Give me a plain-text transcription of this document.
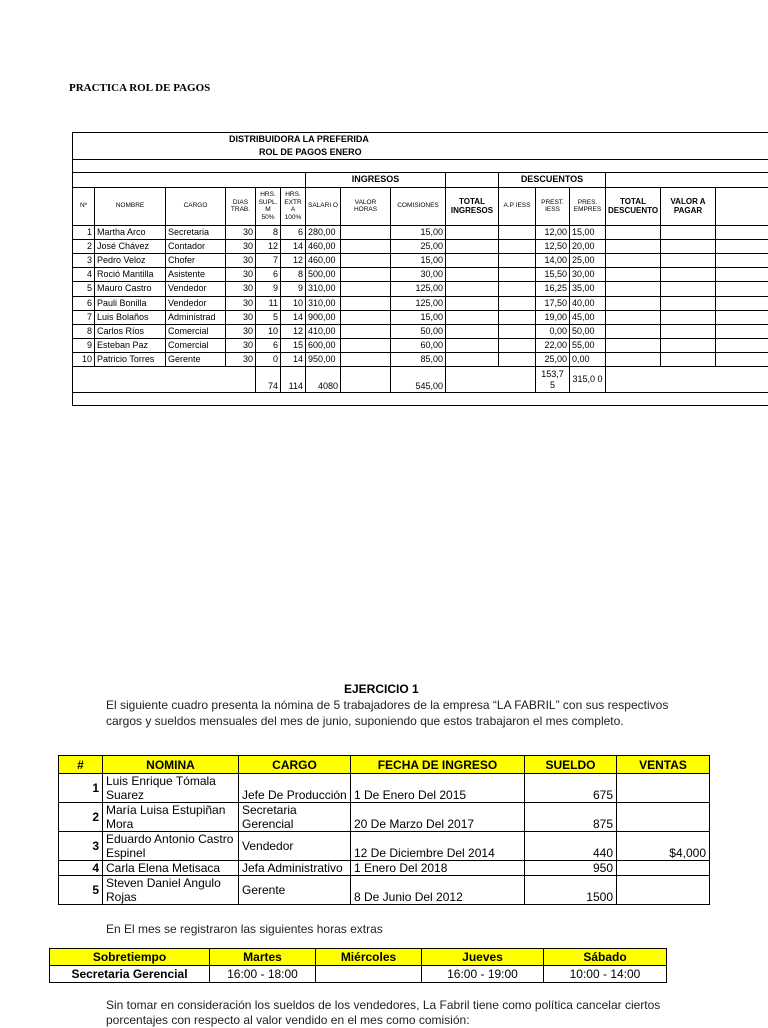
PRACTICA ROL DE PAGOS
DISTRIBUIDORA LA PREFERIDA															
ROL DE PAGOS ENERO															

						INGRESOS				DESCUENTOS					
Nº	NOMBRE	CARGO	DIAS TRAB.	HRS. SUPL. M 50%	HRS. EXTR A 100%	SALARI O	VALOR HORAS	COMISIONES	TOTAL INGRESOS	A.P IESS	PREST. IESS	PRES. EMPRES	TOTAL DESCUENTO	VALOR A PAGAR	
1	Martha Arco	Secretaria	30	8	6	280,00		15,00			12,00	15,00			
2	José Chávez	Contador	30	12	14	460,00		25,00			12,50	20,00			
3	Pedro Veloz	Chofer	30	7	12	460,00		15,00			14,00	25,00			
4	Roció Mantilla	Asistente	30	6	8	500,00		30,00			15,50	30,00			
5	Mauro Castro	Vendedor	30	9	9	310,00		125,00			16,25	35,00			
6	Pauli Bonilla	Vendedor	30	11	10	310,00		125,00			17,50	40,00			
7	Luis Bolaños	Administrad	30	5	14	900,00		15,00			19,00	45,00			
8	Carlos Ríos	Comercial	30	10	12	410,00		50,00			0,00	50,00			
9	Esteban Paz	Comercial	30	6	15	600,00		60,00			22,00	55,00			
10	Patricio Torres	Gerente	30	0	14	950,00		85,00			25,00	0,00			
				74	114	4080		545,00			153,7 5	315,0 0			

EJERCICIO 1
El siguiente cuadro presenta la nómina de 5 trabajadores de la empresa “LA FABRIL” con sus respectivos cargos y sueldos mensuales del mes de junio, suponiendo que estos trabajaron el mes completo.
#	NOMINA	CARGO	FECHA DE INGRESO	SUELDO	VENTAS
1	Luis Enrique Tómala Suarez	Jefe De Producción	1 De Enero Del 2015	675	
2	María Luisa Estupiñan Mora	Secretaria Gerencial	20 De Marzo Del 2017	875	
3	Eduardo Antonio Castro Espinel	Vendedor	12 De Diciembre Del 2014	440	$4,000
4	Carla Elena Metisaca	Jefa Administrativo	1 Enero Del 2018	950	
5	Steven Daniel Angulo Rojas	Gerente	8 De Junio Del 2012	1500	
En El mes se registraron las siguientes horas extras
Sobretiempo	Martes	Miércoles	Jueves	Sábado
Secretaria Gerencial	16:00 - 18:00		16:00 - 19:00	10:00 - 14:00
Sin tomar en consideración los sueldos de los vendedores, La Fabril tiene como política cancelar ciertos porcentajes con respecto al valor vendido en el mes como comisión:
